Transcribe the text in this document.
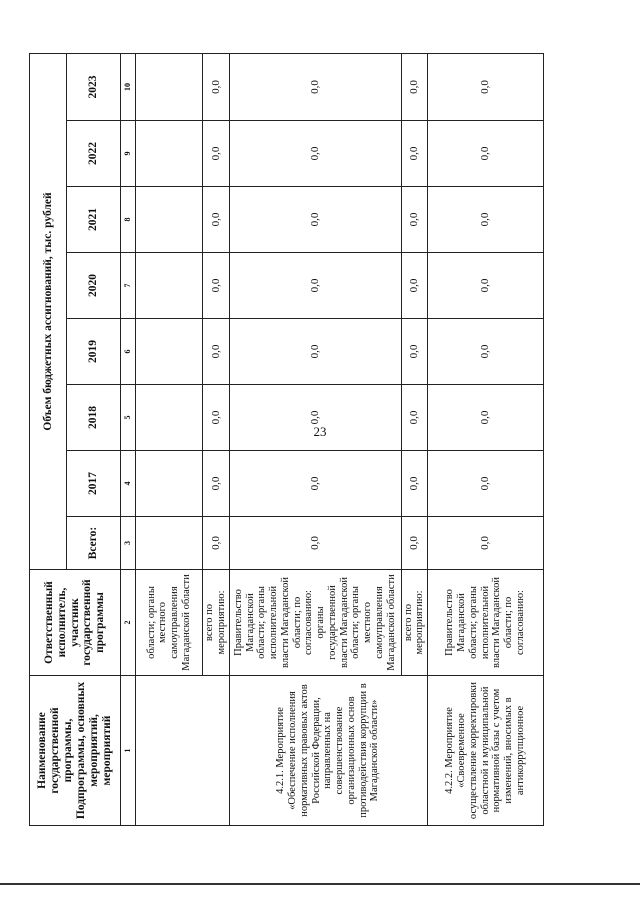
23
Наименование государственной программы, Подпрограммы, основных мероприятий, мероприятий	Ответственный исполнитель, участник государственной программы	Объем бюджетных ассигнований, тыс. рублей							
		Всего:	2017	2018	2019	2020	2021	2022	2023
1	2	3	4	5	6	7	8	9	10
	области; органы местного самоуправления Магаданской области								
	всего по мероприятию:	0,0	0,0	0,0	0,0	0,0	0,0	0,0	0,0
4.2.1. Мероприятие «Обеспечение исполнения нормативных правовых актов Российской Федерации, направленных на совершенствование организационных основ противодействия коррупции в Магаданской области»	Правительство Магаданской области; органы исполнительной власти Магаданской области; по согласованию: органы государственной власти Магаданской области; органы местного самоуправления Магаданской области	0,0	0,0	0,0	0,0	0,0	0,0	0,0	0,0
	всего по мероприятию:	0,0	0,0	0,0	0,0	0,0	0,0	0,0	0,0
4.2.2. Мероприятие «Своевременное осуществление корректировки областной и муниципальной нормативной базы с учетом изменений, вносимых в антикоррупционное	Правительство Магаданской области; органы исполнительной власти Магаданской области; по согласованию:	0,0	0,0	0,0	0,0	0,0	0,0	0,0	0,0
